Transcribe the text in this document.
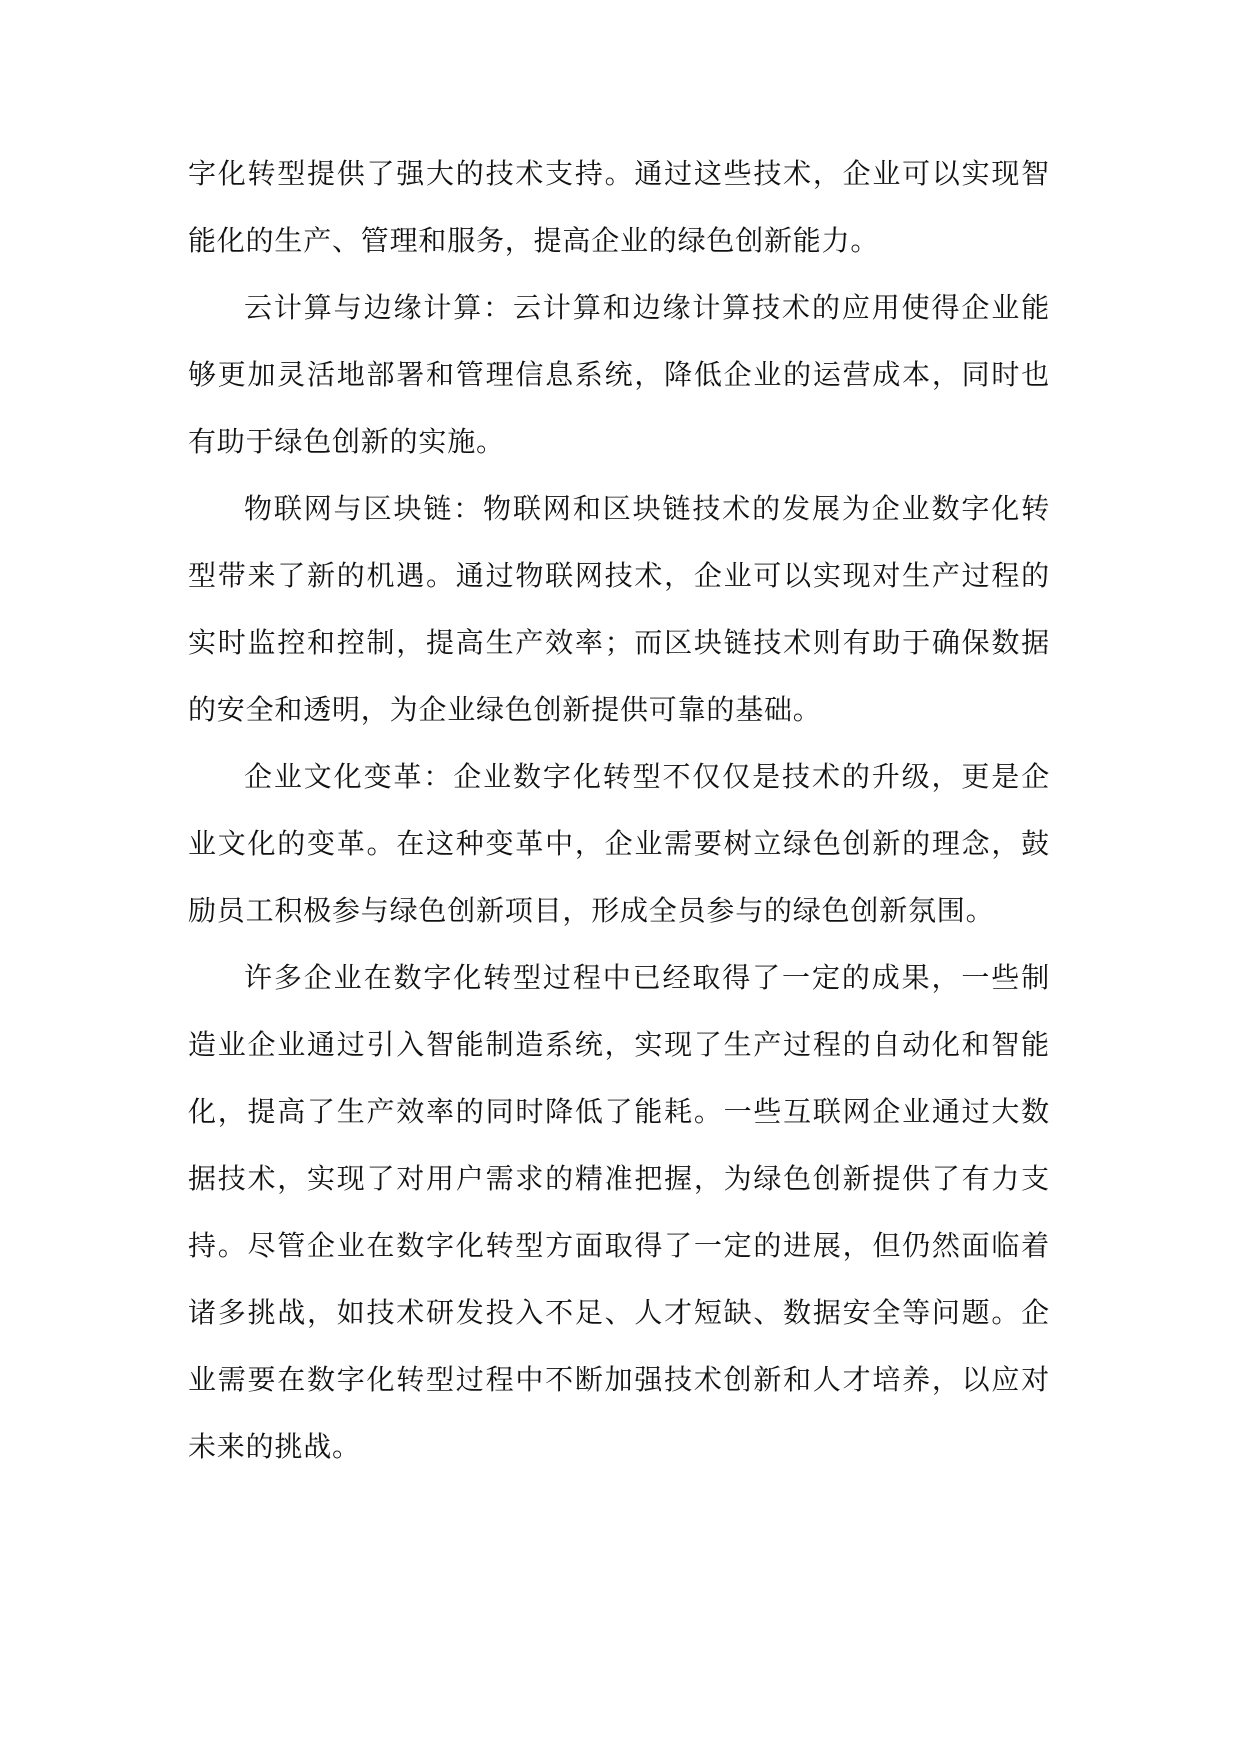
字化转型提供了强大的技术支持。通过这些技术，企业可以实现智能化的生产、管理和服务，提高企业的绿色创新能力。

云计算与边缘计算：云计算和边缘计算技术的应用使得企业能够更加灵活地部署和管理信息系统，降低企业的运营成本，同时也有助于绿色创新的实施。

物联网与区块链：物联网和区块链技术的发展为企业数字化转型带来了新的机遇。通过物联网技术，企业可以实现对生产过程的实时监控和控制，提高生产效率；而区块链技术则有助于确保数据的安全和透明，为企业绿色创新提供可靠的基础。

企业文化变革：企业数字化转型不仅仅是技术的升级，更是企业文化的变革。在这种变革中，企业需要树立绿色创新的理念，鼓励员工积极参与绿色创新项目，形成全员参与的绿色创新氛围。

许多企业在数字化转型过程中已经取得了一定的成果，一些制造业企业通过引入智能制造系统，实现了生产过程的自动化和智能化，提高了生产效率的同时降低了能耗。一些互联网企业通过大数据技术，实现了对用户需求的精准把握，为绿色创新提供了有力支持。尽管企业在数字化转型方面取得了一定的进展，但仍然面临着诸多挑战，如技术研发投入不足、人才短缺、数据安全等问题。企业需要在数字化转型过程中不断加强技术创新和人才培养，以应对未来的挑战。
